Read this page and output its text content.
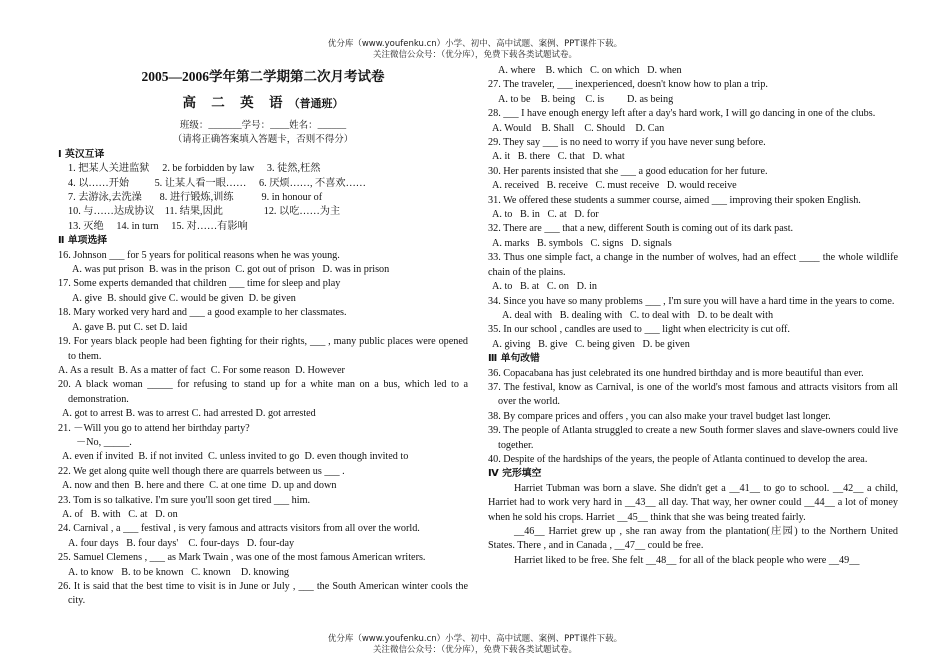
优分库（www.youfenku.cn）小学、初中、高中试题、案例、PPT课件下载。
关注微信公众号：（优分库），免费下载各类试题试卷。
2005—2006学年第二学期第二次月考试卷
高 二 英 语（普通班）
班级：_______学号：____姓名：______
（请将正确答案填入答题卡，否则不得分）
Ⅰ 英汉互译
1. 把某人关进监狱     2. be forbidden by law     3. 徒然,枉然
4. 以……开始          5. 让某人看一眼……     6. 厌烦……, 不喜欢……
7. 去游泳,去洗澡       8. 进行锻炼,训练           9. in honour of
10. 与……达成协议    11. 结果,因此                12. 以吃……为主
13. 灭绝     14. in turn     15. 对……有影响
Ⅱ 单项选择
16. Johnson ___ for 5 years for political reasons when he was young.
A. was put prison  B. was in the prison  C. got out of prison   D. was in prison
17. Some experts demanded that children ___ time for sleep and play
A. give  B. should give C. would be given  D. be given
18. Mary worked very hard and ___ a good example to her classmates.
A. gave B. put C. set D. laid
19. For years black people had been fighting for their rights, ___ , many public places were opened to them.
A. As a result  B. As a matter of fact  C. For some reason  D. However
20. A black woman _____ for refusing to stand up for a white man on a bus, which led to a demonstration.
A. got to arrest B. was to arrest C. had arrested D. got arrested
21. －Will you go to attend her birthday party?
－No, _____.
A. even if invited  B. if not invited  C. unless invited to go  D. even though invited to
22. We get along quite well though there are quarrels between us ___ .
A. now and then  B. here and there  C. at one time  D. up and down
23. Tom is so talkative. I'm sure you'll soon get tired ___ him.
A. of   B. with   C. at   D. on
24. Carnival , a ___ festival , is very famous and attracts visitors from all over the world.
A. four days   B. four days'    C. four-days   D. four-day
25. Samuel Clemens , ___ as Mark Twain , was one of the most famous American writers.
A. to know   B. to be known   C. known    D. knowing
26. It is said that the best time to visit is in June or July , ___ the South American winter cools the city.
A. where    B. which   C. on which   D. when
27. The traveler, ___ inexperienced, doesn't know how to plan a trip.
A. to be    B. being    C. is         D. as being
28. ___ I have enough energy left after a day's hard work, I will go dancing in one of the clubs.
A. Would    B. Shall    C. Should    D. Can
29. They say ___ is no need to worry if you have never sung before.
A. it   B. there   C. that   D. what
30. Her parents insisted that she ___ a good education for her future.
A. received   B. receive   C. must receive   D. would receive
31. We offered these students a summer course, aimed ___ improving their spoken English.
A. to   B. in   C. at   D. for
32. There are ___ that a new, different South is coming out of its dark past.
A. marks   B. symbols   C. signs   D. signals
33. Thus one simple fact, a change in the number of wolves, had an effect ____ the whole wildlife chain of the plains.
A. to   B. at   C. on   D. in
34. Since you have so many problems ___ , I'm sure you will have a hard time in the years to come.
A. deal with   B. dealing with   C. to deal with   D. to be dealt with
35. In our school , candles are used to ___ light when electricity is cut off.
A. giving   B. give   C. being given   D. be given
Ⅲ 单句改错
36. Copacabana has just celebrated its one hundred birthday and is more beautiful than ever.
37. The festival, know as Carnival, is one of the world's most famous and attracts visitors from all over the world.
38. By compare prices and offers , you can also make your travel budget last longer.
39. The people of Atlanta struggled to create a new South former slaves and slave-owners could live together.
40. Despite of the hardships of the years, the people of Atlanta continued to develop the area.
Ⅳ 完形填空
Harriet Tubman was born a slave. She didn't get a __41__ to go to school. __42__ a child, Harriet had to work very hard in __43__ all day. That way, her owner could __44__ a lot of money when he sold his crops. Harriet __45__ think that she was being treated fairly.
__46__ Harriet grew up , she ran away from the plantation(庄园) to the Northern United States. There , and in Canada , __47__ could be free.
Harriet liked to be free. She felt __48__ for all of the black people who were __49__
优分库（www.youfenku.cn）小学、初中、高中试题、案例、PPT课件下载。
关注微信公众号：（优分库），免费下载各类试题试卷。
